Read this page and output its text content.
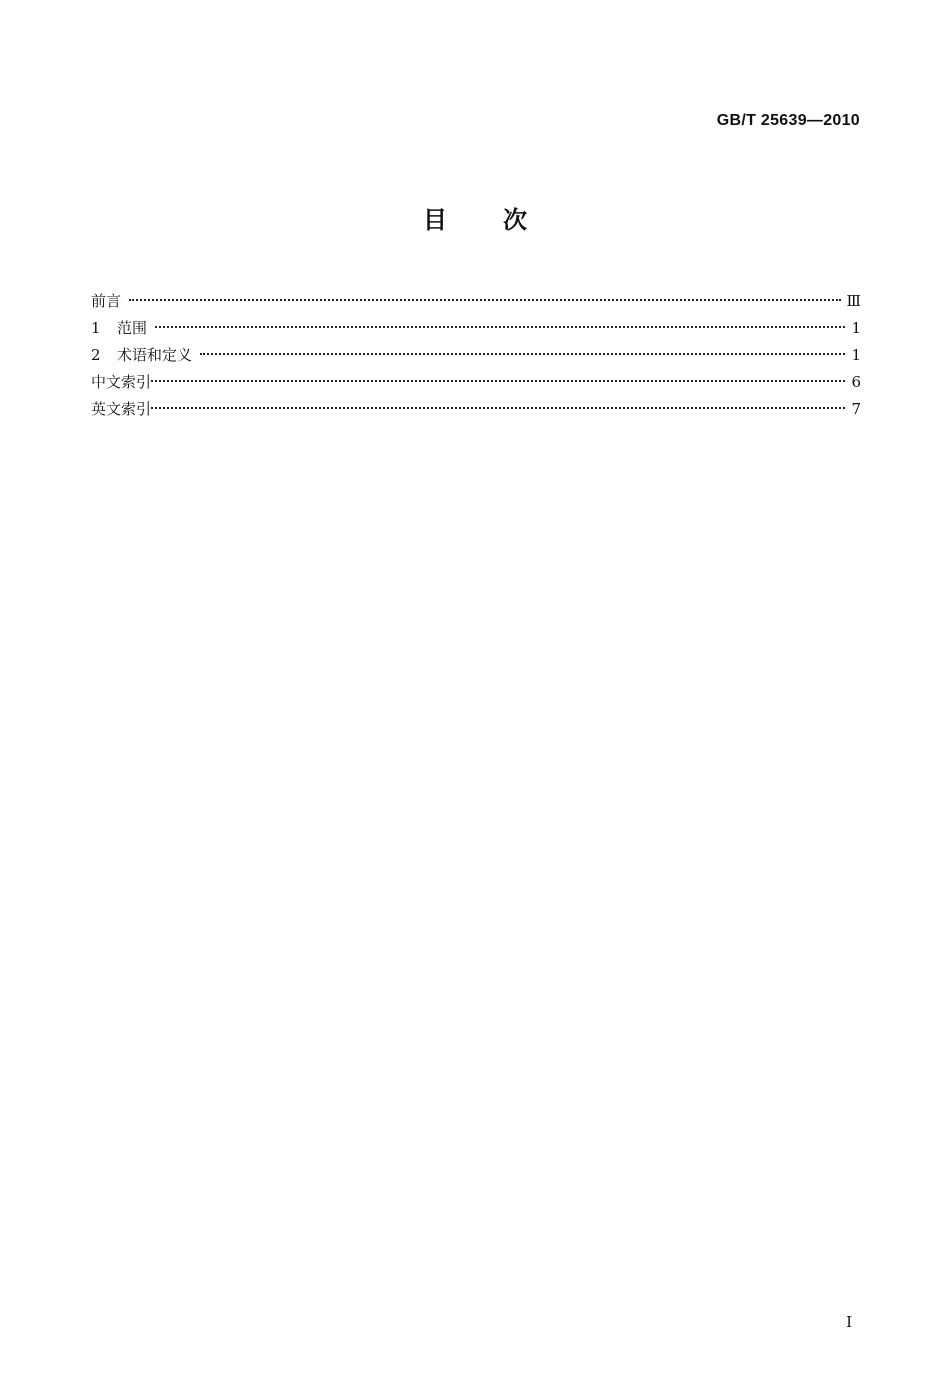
GB/T 25639—2010
目次
前言	Ⅲ
1	范围	1
2	术语和定义	1
中文索引	6
英文索引	7
I
